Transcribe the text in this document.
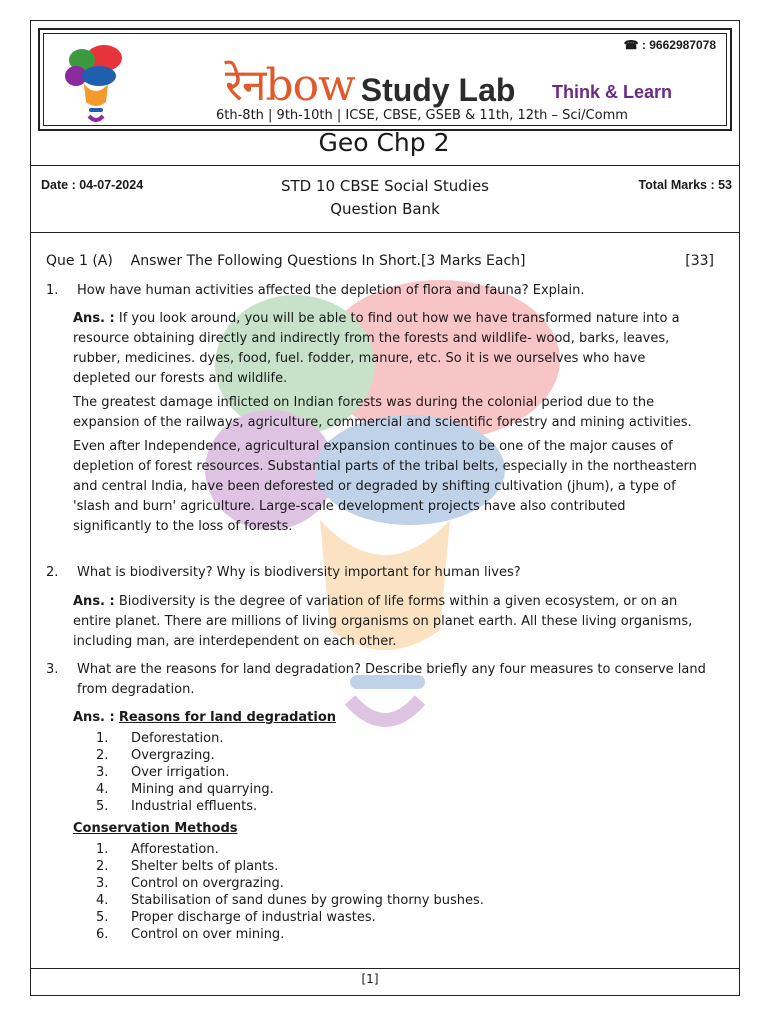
☎ : 9662987078
रेनbow Study Lab Think & Learn
6th-8th | 9th-10th | ICSE, CBSE, GSEB & 11th, 12th – Sci/Comm
Geo Chp 2
Date : 04-07-2024	STD 10 CBSE Social Studies
Question Bank
Total Marks : 53
Que 1 (A)    Answer The Following Questions In Short.[3 Marks Each]	[33]
1. How have human activities affected the depletion of flora and fauna? Explain.

Ans. : If you look around, you will be able to find out how we have transformed nature into a resource obtaining directly and indirectly from the forests and wildlife- wood, barks, leaves, rubber, medicines. dyes, food, fuel. fodder, manure, etc. So it is we ourselves who have depleted our forests and wildlife.

The greatest damage inflicted on Indian forests was during the colonial period due to the expansion of the railways, agriculture, commercial and scientific forestry and mining activities.

Even after Independence, agricultural expansion continues to be one of the major causes of depletion of forest resources. Substantial parts of the tribal belts, especially in the northeastern and central India, have been deforested or degraded by shifting cultivation (jhum), a type of 'slash and burn' agriculture. Large-scale development projects have also contributed significantly to the loss of forests.

2. What is biodiversity? Why is biodiversity important for human lives?

Ans. : Biodiversity is the degree of variation of life forms within a given ecosystem, or on an entire planet. There are millions of living organisms on planet earth. All these living organisms, including man, are interdependent on each other.

3. What are the reasons for land degradation? Describe briefly any four measures to conserve land from degradation.
Ans. : Reasons for land degradation
1. Deforestation.
2. Overgrazing.
3. Over irrigation.
4. Mining and quarrying.
5. Industrial effluents.
Conservation Methods
1. Afforestation.
2. Shelter belts of plants.
3. Control on overgrazing.
4. Stabilisation of sand dunes by growing thorny bushes.
5. Proper discharge of industrial wastes.
6. Control on over mining.
[1]
